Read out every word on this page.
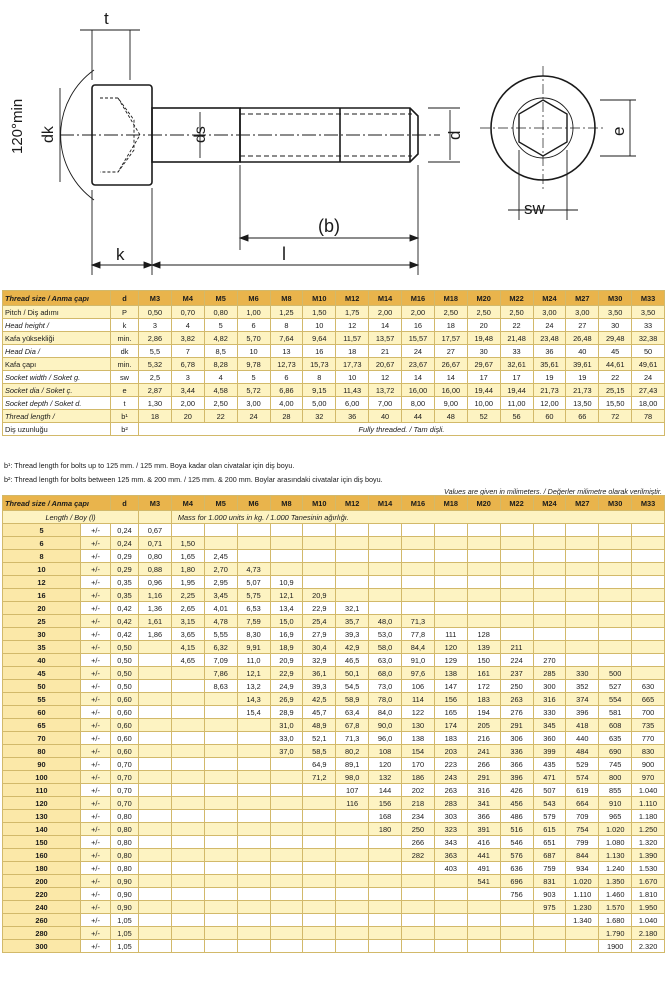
t
dk
120°min	ds	d
(b)
k	l
e
sw
Thread size / Anma çapı	d	M3	M4	M5	M6	M8	M10	M12	M14	M16	M18	M20	M22	M24	M27	M30	M33
Pitch / Diş adımı	P	0,50	0,70	0,80	1,00	1,25	1,50	1,75	2,00	2,00	2,50	2,50	2,50	3,00	3,00	3,50	3,50
Head height /	k	3	4	5	6	8	10	12	14	16	18	20	22	24	27	30	33
Kafa yüksekliği	min.	2,86	3,82	4,82	5,70	7,64	9,64	11,57	13,57	15,57	17,57	19,48	21,48	23,48	26,48	29,48	32,38
Head Dia /	dk	5,5	7	8,5	10	13	16	18	21	24	27	30	33	36	40	45	50
Kafa çapı	min.	5,32	6,78	8,28	9,78	12,73	15,73	17,73	20,67	23,67	26,67	29,67	32,61	35,61	39,61	44,61	49,61
Socket width / Soket g.	sw	2,5	3	4	5	6	8	10	12	14	14	17	17	19	19	22	24
Socket dia / Soket ç.	e	2,87	3,44	4,58	5,72	6,86	9,15	11,43	13,72	16,00	16,00	19,44	19,44	21,73	21,73	25,15	27,43
Socket depth / Soket d.	t	1,30	2,00	2,50	3,00	4,00	5,00	6,00	7,00	8,00	9,00	10,00	11,00	12,00	13,50	15,50	18,00
Thread length /	b¹	18	20	22	24	28	32	36	40	44	48	52	56	60	66	72	78
Diş uzunluğu	b²	Fully threaded. / Tam dişli.															
b¹: Thread length for bolts up to 125 mm. / 125 mm. Boya kadar olan civatalar için diş boyu.
b²: Thread length for bolts between 125 mm. & 200 mm. / 125 mm. & 200 mm. Boylar arasındaki civatalar için diş boyu.
Values are given in milimeters. / Değerler milimetre olarak verilmiştir.
Thread size / Anma çapı		d	M3	M4	M5	M6	M8	M10	M12	M14	M16	M18	M20	M22	M24	M27	M30	M33
Length / Boy (l)				Mass for 1.000 units in kg. / 1.000 Tanesinin ağırlığı.														
5	+/-	0,24	0,67															
6	+/-	0,24	0,71	1,50														
8	+/-	0,29	0,80	1,65	2,45													
10	+/-	0,29	0,88	1,80	2,70	4,73												
12	+/-	0,35	0,96	1,95	2,95	5,07	10,9											
16	+/-	0,35	1,16	2,25	3,45	5,75	12,1	20,9										
20	+/-	0,42	1,36	2,65	4,01	6,53	13,4	22,9	32,1									
25	+/-	0,42	1,61	3,15	4,78	7,59	15,0	25,4	35,7	48,0	71,3							
30	+/-	0,42	1,86	3,65	5,55	8,30	16,9	27,9	39,3	53,0	77,8	111	128					
35	+/-	0,50		4,15	6,32	9,91	18,9	30,4	42,9	58,0	84,4	120	139	211				
40	+/-	0,50		4,65	7,09	11,0	20,9	32,9	46,5	63,0	91,0	129	150	224	270			
45	+/-	0,50			7,86	12,1	22,9	36,1	50,1	68,0	97,6	138	161	237	285	330	500	
50	+/-	0,50			8,63	13,2	24,9	39,3	54,5	73,0	106	147	172	250	300	352	527	630
55	+/-	0,60				14,3	26,9	42,5	58,9	78,0	114	156	183	263	316	374	554	665
60	+/-	0,60				15,4	28,9	45,7	63,4	84,0	122	165	194	276	330	396	581	700
65	+/-	0,60					31,0	48,9	67,8	90,0	130	174	205	291	345	418	608	735
70	+/-	0,60					33,0	52,1	71,3	96,0	138	183	216	306	360	440	635	770
80	+/-	0,60					37,0	58,5	80,2	108	154	203	241	336	399	484	690	830
90	+/-	0,70						64,9	89,1	120	170	223	266	366	435	529	745	900
100	+/-	0,70						71,2	98,0	132	186	243	291	396	471	574	800	970
110	+/-	0,70							107	144	202	263	316	426	507	619	855	1.040
120	+/-	0,70							116	156	218	283	341	456	543	664	910	1.110
130	+/-	0,80								168	234	303	366	486	579	709	965	1.180
140	+/-	0,80								180	250	323	391	516	615	754	1.020	1.250
150	+/-	0,80									266	343	416	546	651	799	1.080	1.320
160	+/-	0,80									282	363	441	576	687	844	1.130	1.390
180	+/-	0,80										403	491	636	759	934	1.240	1.530
200	+/-	0,90											541	696	831	1.020	1.350	1.670
220	+/-	0,90												756	903	1.110	1.460	1.810
240	+/-	0,90													975	1.230	1.570	1.950
260	+/-	1,05														1.340	1.680	1.040
280	+/-	1,05															1.790	2.180
300	+/-	1,05															1900	2.320
